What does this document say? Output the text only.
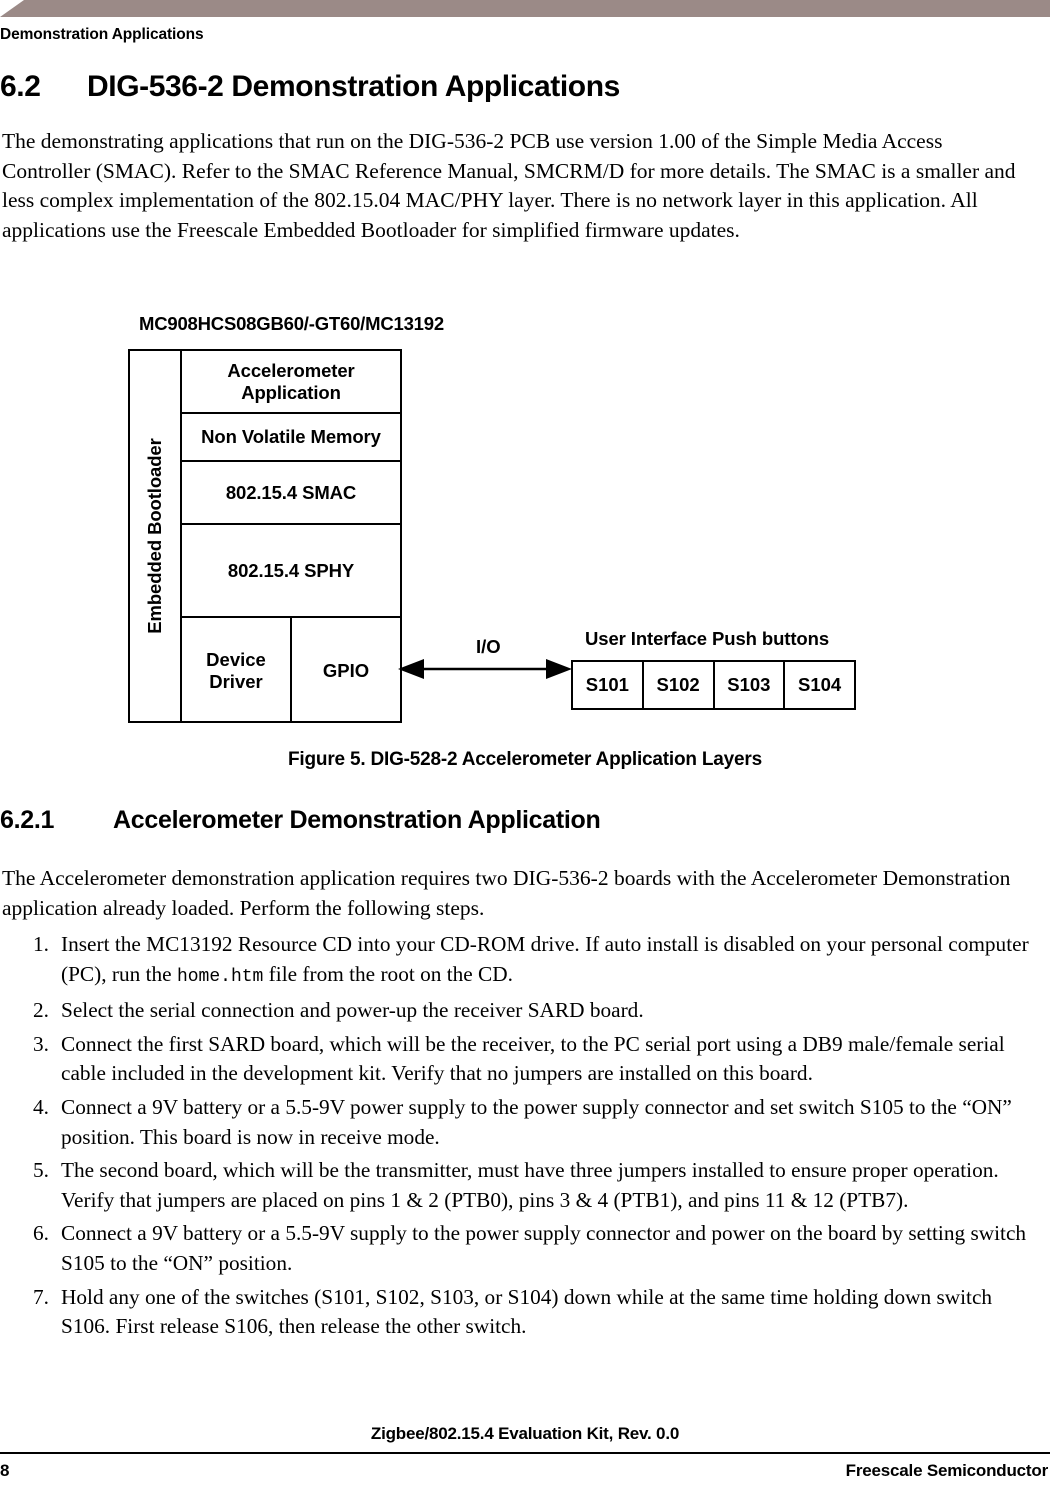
Demonstration Applications
6.2 DIG-536-2 Demonstration Applications
The demonstrating applications that run on the DIG-536-2 PCB use version 1.00 of the Simple Media Access Controller (SMAC). Refer to the SMAC Reference Manual, SMCRM/D for more details. The SMAC is a smaller and less complex implementation of the 802.15.04 MAC/PHY layer. There is no network layer in this application. All applications use the Freescale Embedded Bootloader for simplified firmware updates.
MC908HCS08GB60/-GT60/MC13192
Embedded Bootloader
Accelerometer Application
Non Volatile Memory
802.15.4 SMAC
802.15.4 SPHY
Device Driver
GPIO
I/O	User Interface Push buttons
S101	S102	S103	S104
Figure 5. DIG-528-2 Accelerometer Application Layers
6.2.1 Accelerometer Demonstration Application
The Accelerometer demonstration application requires two DIG-536-2 boards with the Accelerometer Demonstration application already loaded. Perform the following steps.
1. Insert the MC13192 Resource CD into your CD-ROM drive. If auto install is disabled on your personal computer (PC), run the home.htm file from the root on the CD.
2. Select the serial connection and power-up the receiver SARD board.
3. Connect the first SARD board, which will be the receiver, to the PC serial port using a DB9 male/female serial cable included in the development kit. Verify that no jumpers are installed on this board.
4. Connect a 9V battery or a 5.5-9V power supply to the power supply connector and set switch S105 to the “ON” position. This board is now in receive mode.
5. The second board, which will be the transmitter, must have three jumpers installed to ensure proper operation. Verify that jumpers are placed on pins 1 & 2 (PTB0), pins 3 & 4 (PTB1), and pins 11 & 12 (PTB7).
6. Connect a 9V battery or a 5.5-9V supply to the power supply connector and power on the board by setting switch S105 to the “ON” position.
7. Hold any one of the switches (S101, S102, S103, or S104) down while at the same time holding down switch S106. First release S106, then release the other switch.
Zigbee/802.15.4 Evaluation Kit, Rev. 0.0
8	Freescale Semiconductor
